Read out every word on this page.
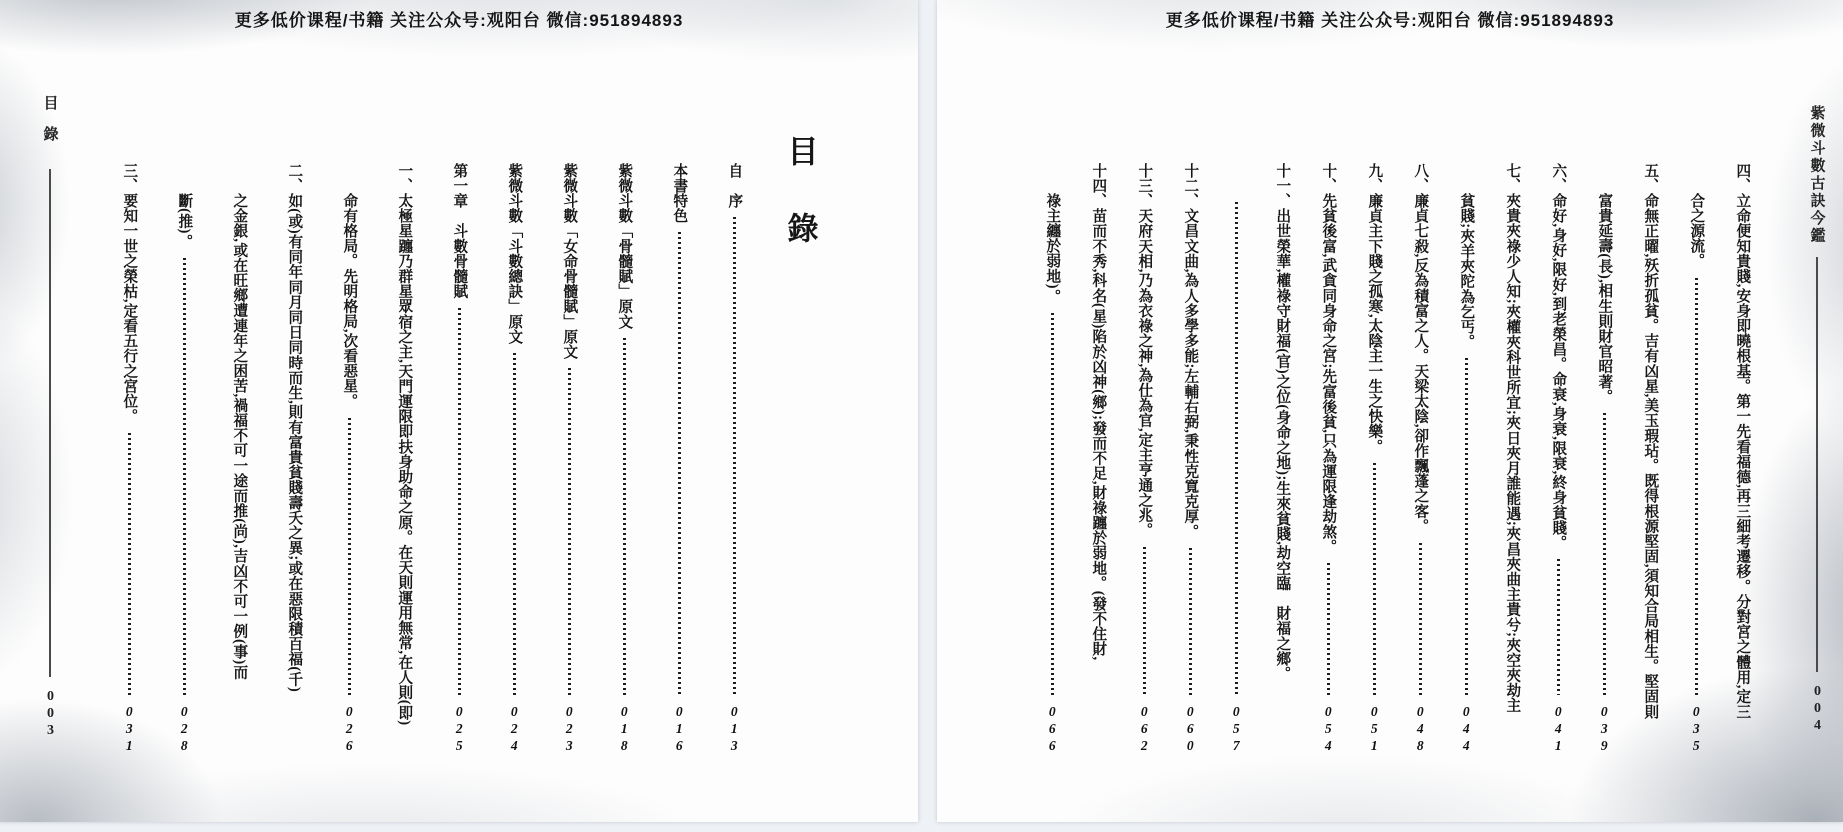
更多低价课程/书籍 关注公众号:观阳台 微信:951894893
目錄
003
目錄
自　序
013
本書特色
016
紫微斗數「骨髓賦」原文
018
紫微斗數「女命骨髓賦」原文
023
紫微斗數「斗數總訣」原文
024
第一章　斗數骨髓賦
025
一、太極星躔乃群星眾宿之主,天門運限即扶身助命之原。在天則運用無常,在人則(即)
命有格局。先明格局,次看惡星。
026
二、如(或)有同年同月同日同時而生,則有富貴貧賤壽夭之異;或在惡限積百福(千)
之金銀,或在旺鄉遭連年之困苦,禍福不可一途而推(尚),吉凶不可一例(事)而
斷(推)。
028
三、要知一世之榮枯,定看五行之宮位。
031
更多低价课程/书籍 关注公众号:观阳台 微信:951894893
紫微斗數古訣今鑑
004
四、立命便知貴賤,安身即曉根基。第一先看福德,再三細考遷移。分對宮之體用,定三
合之源流。
035
五、命無正曜,殀折孤貧。吉有凶星,美玉瑕玷。既得根源堅固,須知合局相生。堅固則
富貴延壽(長),相生則財官昭著。
039
六、命好,身好,限好,到老榮昌。命衰,身衰,限衰,終身貧賤。
041
七、夾貴夾祿少人知;夾權夾科世所宜;夾日夾月誰能遇;夾昌夾曲主貴兮;夾空夾劫主
貧賤;夾羊夾陀為乞丐。
044
八、廉貞七殺,反為積富之人。天梁太陰,卻作飄蓬之客。
048
九、廉貞主下賤之孤寒,太陰主一生之快樂。
051
十、先貧後富,武貪同身命之宮;先富後貧,只為運限逢劫煞。
054
十一、出世榮華,權祿守財福(官)之位(身命之地);生來貧賤,劫空臨　財福之鄉。
057
十二、文昌文曲,為人多學多能;左輔右弼,秉性克寬克厚。
060
十三、天府天相,乃為衣祿之神,為仕為官,定主亨通之兆。
062
十四、苗而不秀,科名(星)陷於凶神(鄉);發而不足,財祿躔於弱地。(發不住財,
祿主纏於弱地)。
066
